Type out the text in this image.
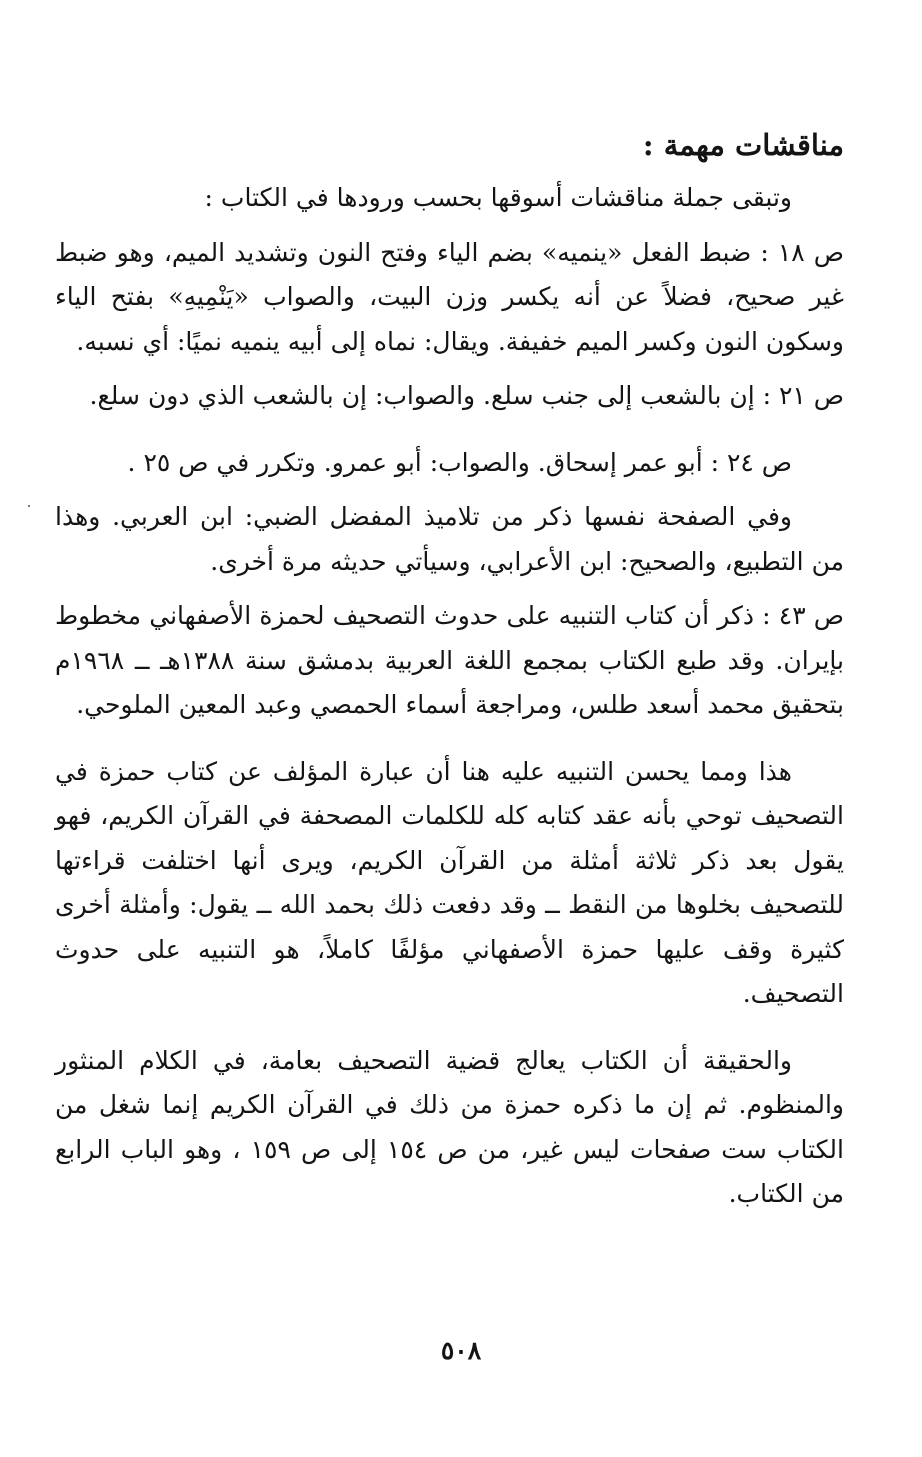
مناقشات مهمة :
وتبقى جملة مناقشات أسوقها بحسب ورودها في الكتاب :
ص ١٨ : ضبط الفعل «ينميه» بضم الياء وفتح النون وتشديد الميم، وهو ضبط غير صحيح، فضلاً عن أنه يكسر وزن البيت، والصواب «يَنْمِيهِ» بفتح الياء وسكون النون وكسر الميم خفيفة. ويقال: نماه إلى أبيه ينميه نميًا: أي نسبه.
ص ٢١ : إن بالشعب إلى جنب سلع. والصواب: إن بالشعب الذي دون سلع.
ص ٢٤ : أبو عمر إسحاق. والصواب: أبو عمرو. وتكرر في ص ٢٥ .
وفي الصفحة نفسها ذكر من تلاميذ المفضل الضبي: ابن العربي. وهذا من التطبيع، والصحيح: ابن الأعرابي، وسيأتي حديثه مرة أخرى.
ص ٤٣ : ذكر أن كتاب التنبيه على حدوث التصحيف لحمزة الأصفهاني مخطوط بإيران. وقد طبع الكتاب بمجمع اللغة العربية بدمشق سنة ١٣٨٨هـ ــ ١٩٦٨م بتحقيق محمد أسعد طلس، ومراجعة أسماء الحمصي وعبد المعين الملوحي.
هذا ومما يحسن التنبيه عليه هنا أن عبارة المؤلف عن كتاب حمزة في التصحيف توحي بأنه عقد كتابه كله للكلمات المصحفة في القرآن الكريم، فهو يقول بعد ذكر ثلاثة أمثلة من القرآن الكريم، ويرى أنها اختلفت قراءتها للتصحيف بخلوها من النقط ــ وقد دفعت ذلك بحمد الله ــ يقول: وأمثلة أخرى كثيرة وقف عليها حمزة الأصفهاني مؤلفًا كاملاً، هو التنبيه على حدوث التصحيف.
والحقيقة أن الكتاب يعالج قضية التصحيف بعامة، في الكلام المنثور والمنظوم. ثم إن ما ذكره حمزة من ذلك في القرآن الكريم إنما شغل من الكتاب ست صفحات ليس غير، من ص ١٥٤ إلى ص ١٥٩ ، وهو الباب الرابع من الكتاب.
٥٠٨
